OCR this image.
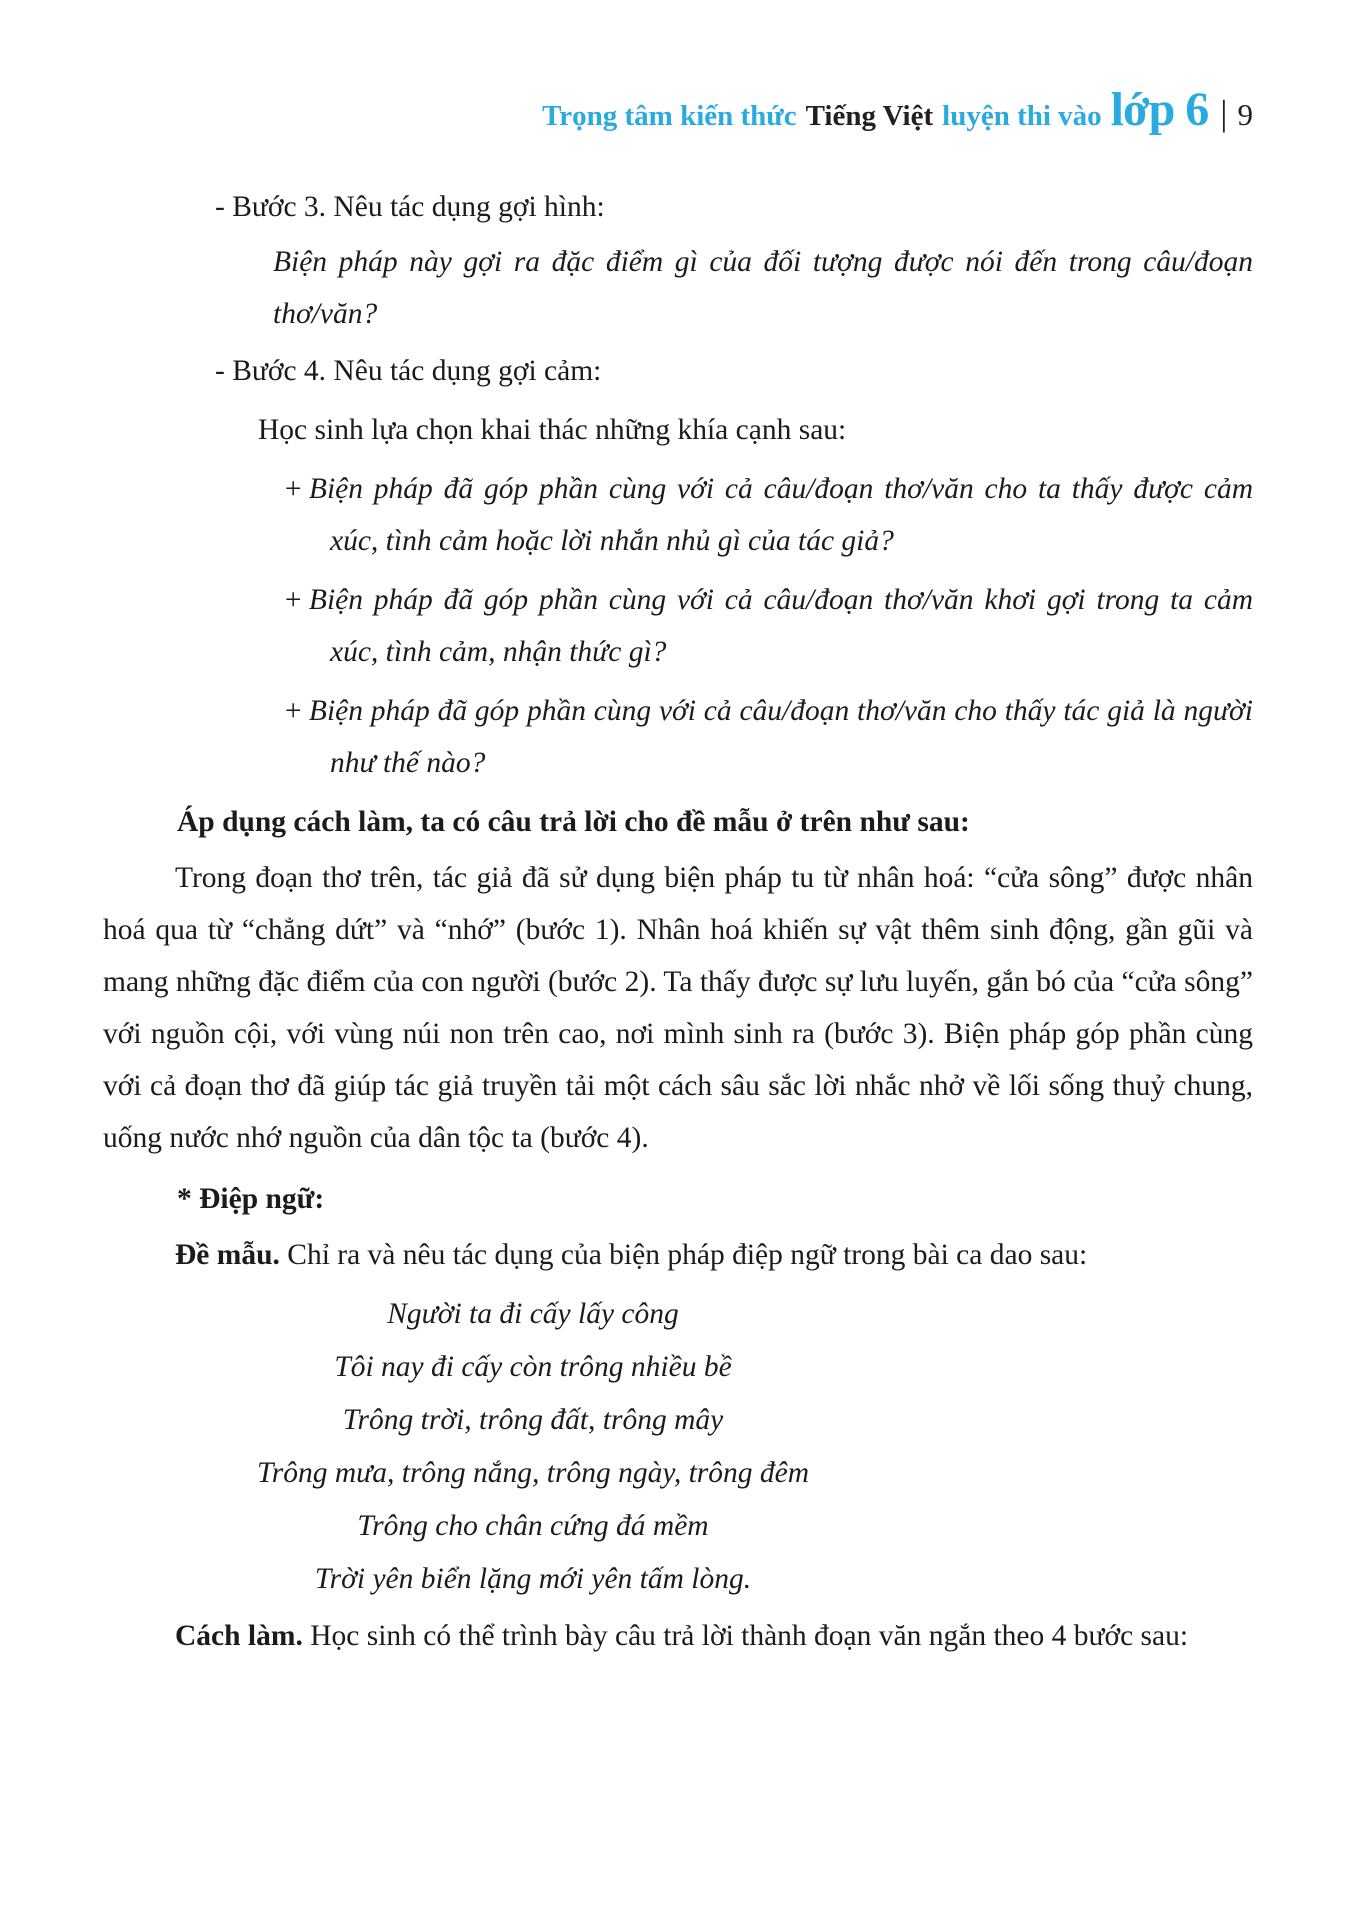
Trọng tâm kiến thức Tiếng Việt luyện thi vào lớp 6 | 9

- Bước 3. Nêu tác dụng gợi hình:

Biện pháp này gợi ra đặc điểm gì của đối tượng được nói đến trong câu/đoạn thơ/văn?

- Bước 4. Nêu tác dụng gợi cảm:

Học sinh lựa chọn khai thác những khía cạnh sau:

+ Biện pháp đã góp phần cùng với cả câu/đoạn thơ/văn cho ta thấy được cảm xúc, tình cảm hoặc lời nhắn nhủ gì của tác giả?

+ Biện pháp đã góp phần cùng với cả câu/đoạn thơ/văn khơi gợi trong ta cảm xúc, tình cảm, nhận thức gì?

+ Biện pháp đã góp phần cùng với cả câu/đoạn thơ/văn cho thấy tác giả là người như thế nào?

Áp dụng cách làm, ta có câu trả lời cho đề mẫu ở trên như sau:

Trong đoạn thơ trên, tác giả đã sử dụng biện pháp tu từ nhân hoá: “cửa sông” được nhân hoá qua từ “chẳng dứt” và “nhớ” (bước 1). Nhân hoá khiến sự vật thêm sinh động, gần gũi và mang những đặc điểm của con người (bước 2). Ta thấy được sự lưu luyến, gắn bó của “cửa sông” với nguồn cội, với vùng núi non trên cao, nơi mình sinh ra (bước 3). Biện pháp góp phần cùng với cả đoạn thơ đã giúp tác giả truyền tải một cách sâu sắc lời nhắc nhở về lối sống thuỷ chung, uống nước nhớ nguồn của dân tộc ta (bước 4).

* Điệp ngữ:

Đề mẫu. Chỉ ra và nêu tác dụng của biện pháp điệp ngữ trong bài ca dao sau:

Người ta đi cấy lấy công

Tôi nay đi cấy còn trông nhiều bề

Trông trời, trông đất, trông mây

Trông mưa, trông nắng, trông ngày, trông đêm

Trông cho chân cứng đá mềm

Trời yên biển lặng mới yên tấm lòng.

Cách làm. Học sinh có thể trình bày câu trả lời thành đoạn văn ngắn theo 4 bước sau:
